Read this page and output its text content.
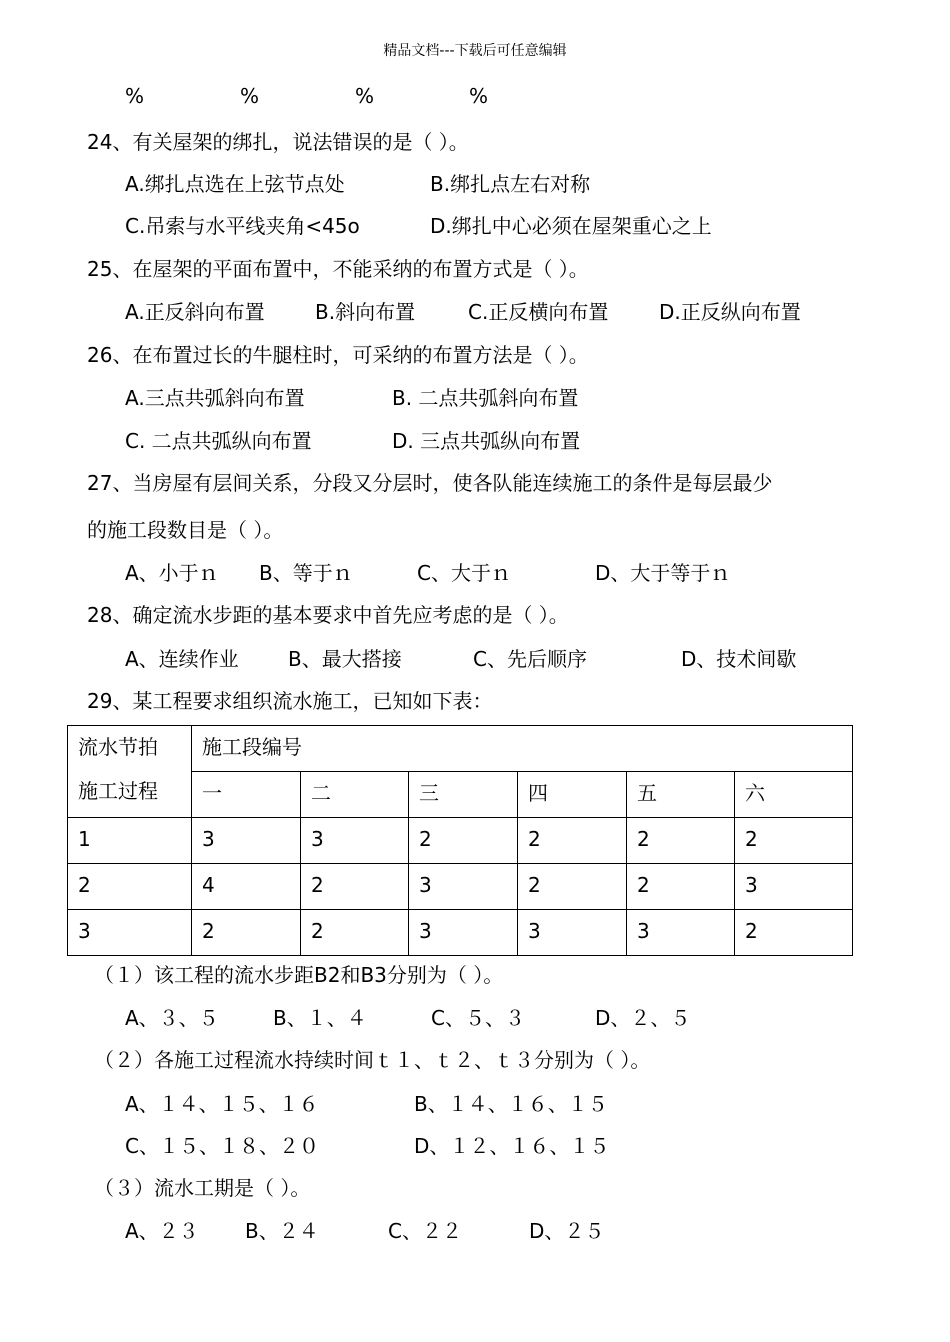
精品文档---下载后可任意编辑
%	%	%	%
24、有关屋架的绑扎，说法错误的是（ ）。
A.绑扎点选在上弦节点处	B.绑扎点左右对称
C.吊索与水平线夹角<45o	D.绑扎中心必须在屋架重心之上
25、在屋架的平面布置中，不能采纳的布置方式是（ ）。
A.正反斜向布置	B.斜向布置	C.正反横向布置	D.正反纵向布置
26、在布置过长的牛腿柱时，可采纳的布置方法是（ ）。
A.三点共弧斜向布置	B. 二点共弧斜向布置
C. 二点共弧纵向布置	D. 三点共弧纵向布置
27、当房屋有层间关系，分段又分层时，使各队能连续施工的条件是每层最少
的施工段数目是（ ）。
A、小于ｎ B、等于ｎ	C、大于ｎ	D、大于等于ｎ
28、确定流水步距的基本要求中首先应考虑的是（ ）。
A、连续作业 B、最大搭接	C、先后顺序	D、技术间歇
29、某工程要求组织流水施工，已知如下表：
流水节拍
施工过程	施工段编号					
	一	二	三	四	五	六
1	3	3	2	2	2	2
2	4	2	3	2	2	3
3	2	2	3	3	3	2
（１）该工程的流水步距B2和B3分别为（ ）。
A、３、５	B、１、４	C、５、３	D、２、５
（２）各施工过程流水持续时间ｔ１、ｔ２、ｔ３分别为（ ）。
A、１４、１５、１６	B、１４、１６、１５
C、１５、１８、２０	D、１２、１６、１５
（３）流水工期是（ ）。
A、２３ B、２４	C、２２	D、２５
